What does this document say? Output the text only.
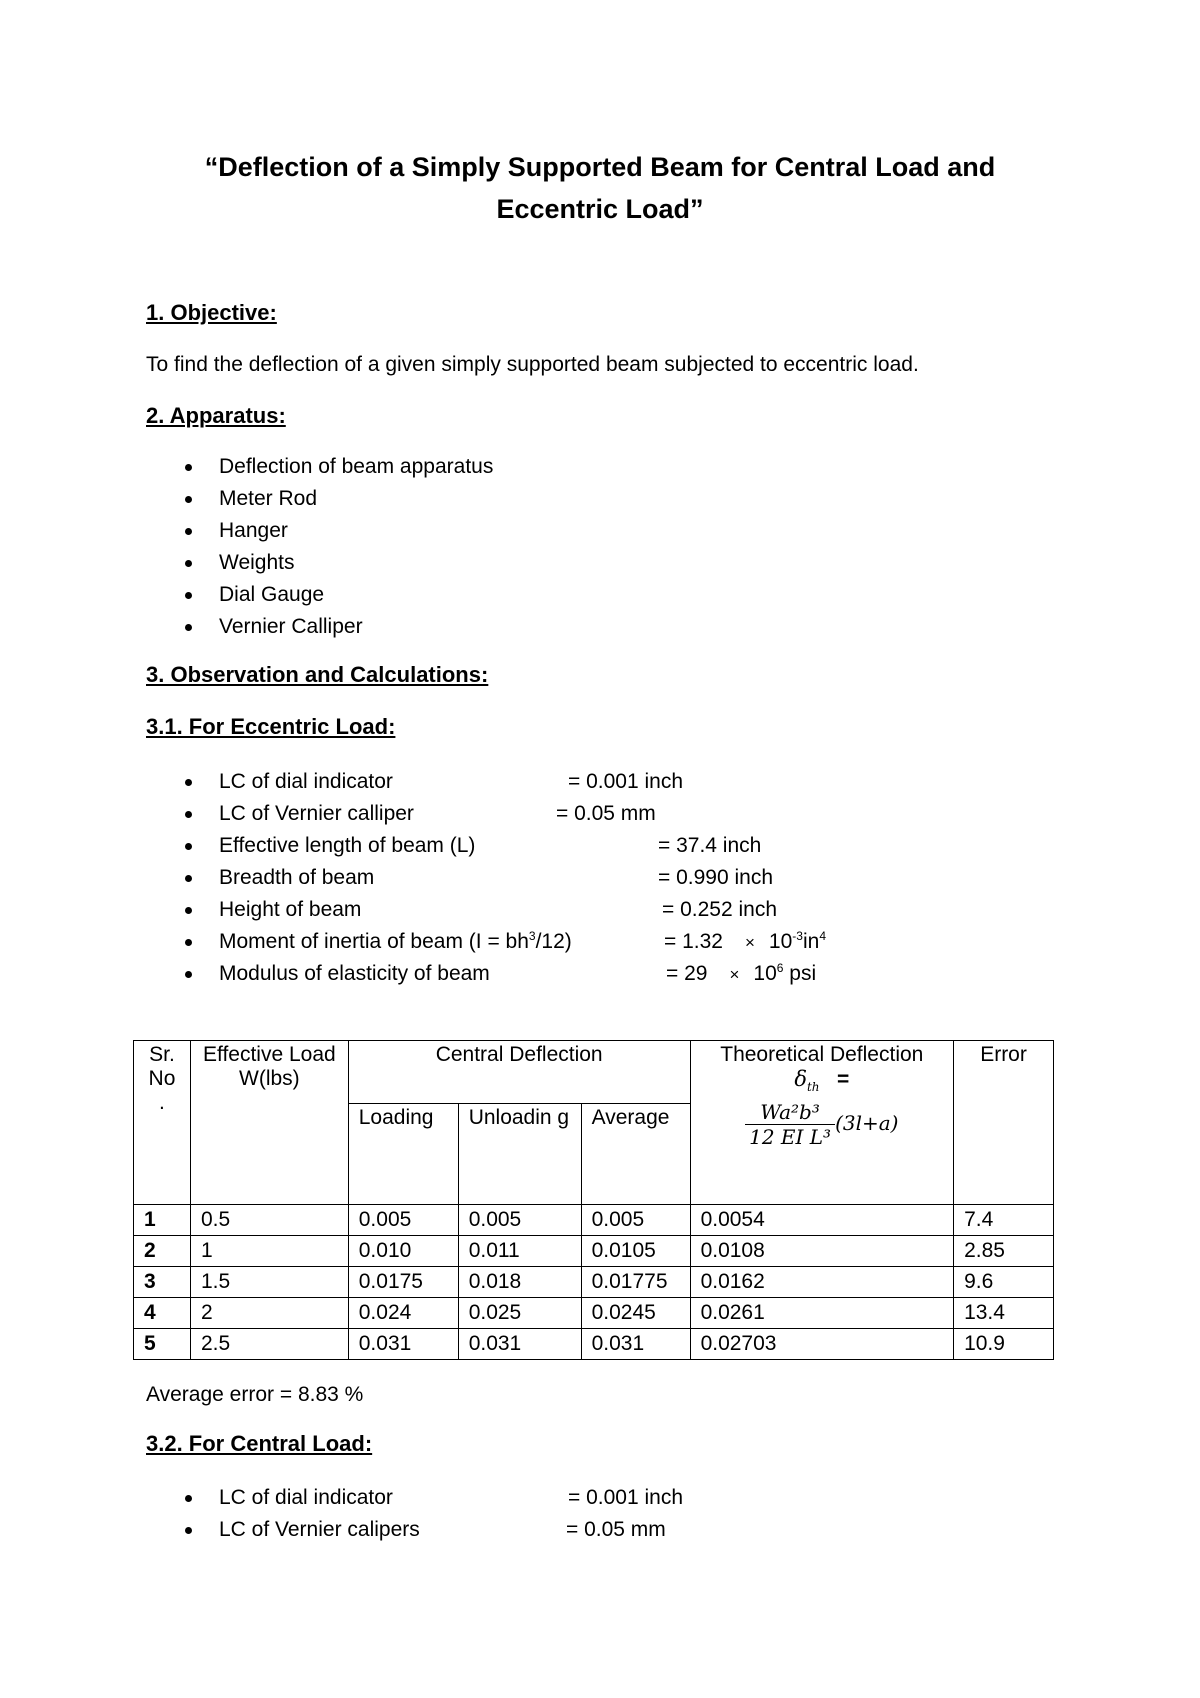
“Deflection of a Simply Supported Beam for Central Load and
Eccentric Load”
1. Objective:
To find the deflection of a given simply supported beam subjected to eccentric load.
2. Apparatus:
Deflection of beam apparatus
Meter Rod
Hanger
Weights
Dial Gauge
Vernier Calliper
3. Observation and Calculations:
3.1. For Eccentric Load:
LC of dial indicator	= 0.001 inch
LC of Vernier calliper	= 0.05 mm
Effective length of beam (L)	= 37.4 inch
Breadth of beam	= 0.990 inch
Height of beam	= 0.252 inch
Moment of inertia of beam $(I = bh^3/12)$	= $1.32 \times 10^{-3}in^4$
Modulus of elasticity of beam	= $29 \times 10^6$ psi
Sr. No .	Effective Load W(lbs)	Central Deflection			Theoretical Deflection
$\delta_{th}$ =
$\frac{\text{Wa²b³}}{\text{12 EI L³}} (3l+a)$	Error
		Loading	Unloadin g	Average		
1	0.5	0.005	0.005	0.005	0.0054	7.4
2	1	0.010	0.011	0.0105	0.0108	2.85
3	1.5	0.0175	0.018	0.01775	0.0162	9.6
4	2	0.024	0.025	0.0245	0.0261	13.4
5	2.5	0.031	0.031	0.031	0.02703	10.9
Average error = 8.83 %
3.2. For Central Load:
LC of dial indicator	= 0.001 inch
LC of Vernier calipers	= 0.05 mm
